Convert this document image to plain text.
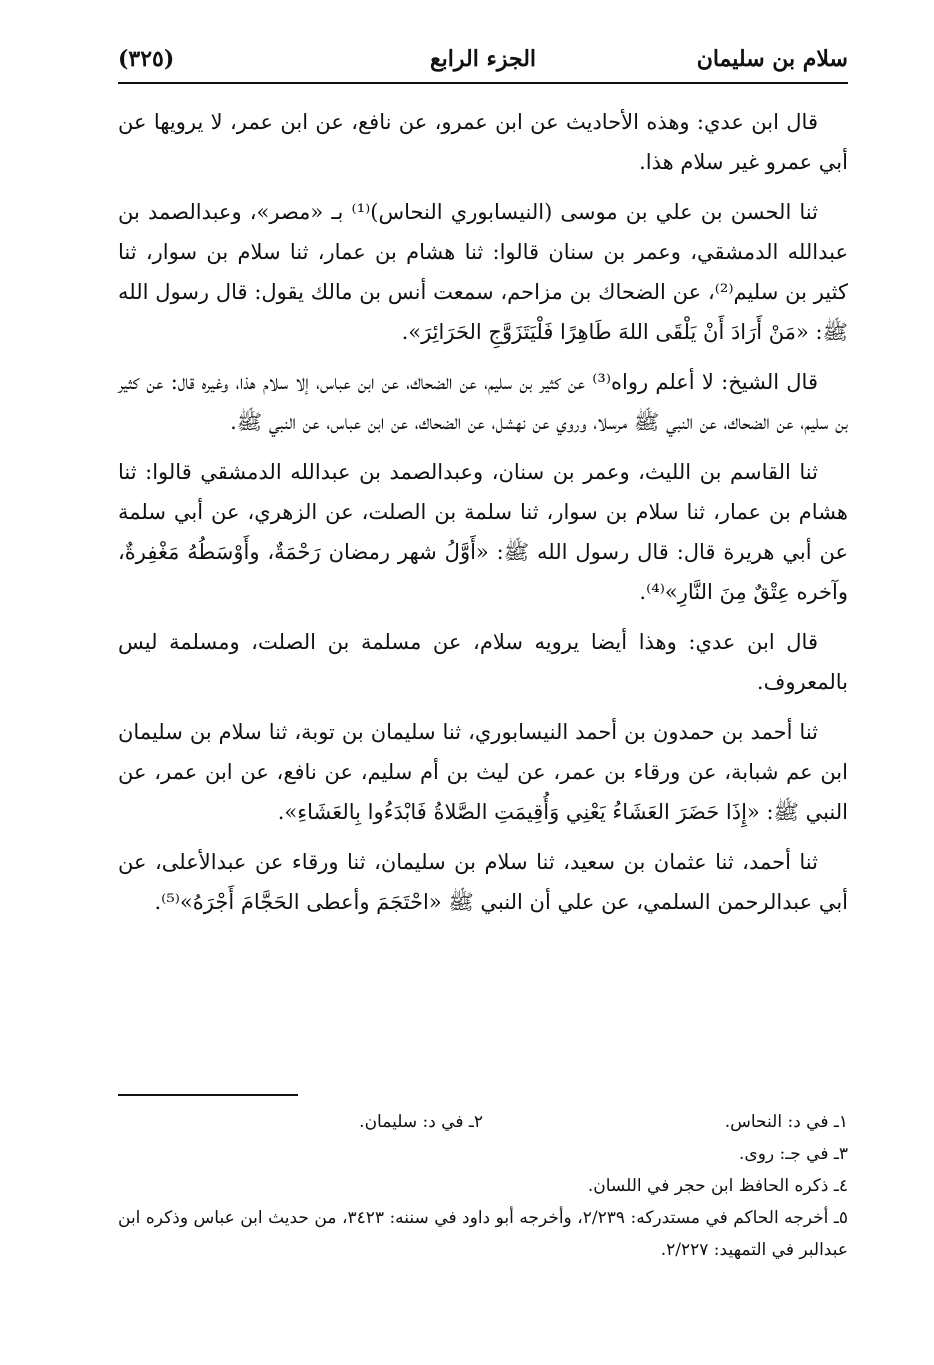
سلام بن سليمان
الجزء الرابع
(٣٢٥)

قال ابن عدي: وهذه الأحاديث عن ابن عمرو، عن نافع، عن ابن عمر، لا يرويها عن أبي عمرو غير سلام هذا.

ثنا الحسن بن علي بن موسى (النيسابوري النحاس)⁽¹⁾ بـ «مصر»، وعبدالصمد بن عبدالله الدمشقي، وعمر بن سنان قالوا: ثنا هشام بن عمار، ثنا سلام بن سوار، ثنا كثير بن سليم⁽²⁾، عن الضحاك بن مزاحم، سمعت أنس بن مالك يقول: قال رسول الله ﷺ: «مَنْ أَرَادَ أَنْ يَلْقَى اللهَ طَاهِرًا فَلْيَتَزَوَّجِ الحَرَائِرَ».

قال الشيخ: لا أعلم رواه⁽³⁾ عن كثير بن سليم، عن الضحاك، عن ابن عباس، إلا سلام هذا، وغيره قال: عن كثير بن سليم، عن الضحاك، عن النبي ﷺ مرسلا، وروي عن نهشل، عن الضحاك، عن ابن عباس، عن النبي ﷺ.

ثنا القاسم بن الليث، وعمر بن سنان، وعبدالصمد بن عبدالله الدمشقي قالوا: ثنا هشام بن عمار، ثنا سلام بن سوار، ثنا سلمة بن الصلت، عن الزهري، عن أبي سلمة عن أبي هريرة قال: قال رسول الله ﷺ: «أَوَّلُ شهر رمضان رَحْمَةٌ، وأَوْسَطُهُ مَغْفِرةٌ، وآخره عِتْقٌ مِنَ النَّارِ»⁽⁴⁾.

قال ابن عدي: وهذا أيضا يرويه سلام، عن مسلمة بن الصلت، ومسلمة ليس بالمعروف.

ثنا أحمد بن حمدون بن أحمد النيسابوري، ثنا سليمان بن توبة، ثنا سلام بن سليمان ابن عم شبابة، عن ورقاء بن عمر، عن ليث بن أم سليم، عن نافع، عن ابن عمر، عن النبي ﷺ: «إِذَا حَضَرَ العَشَاءُ يَعْنِي وَأُقِيمَتِ الصَّلاةُ فَابْدَءُوا بِالعَشَاءِ».

ثنا أحمد، ثنا عثمان بن سعيد، ثنا سلام بن سليمان، ثنا ورقاء عن عبدالأعلى، عن أبي عبدالرحمن السلمي، عن علي أن النبي ﷺ «احْتَجَمَ وأعطى الحَجَّامَ أَجْرَهُ»⁽⁵⁾.

١ـ في د: النحاس.
٢ـ في د: سليمان.

٣ـ في جـ: روى.

٤ـ ذكره الحافظ ابن حجر في اللسان.

٥ـ أخرجه الحاكم في مستدركه: ٢/٢٣٩، وأخرجه أبو داود في سننه: ٣٤٢٣، من حديث ابن عباس وذكره ابن عبدالبر في التمهيد: ٢/٢٢٧.
